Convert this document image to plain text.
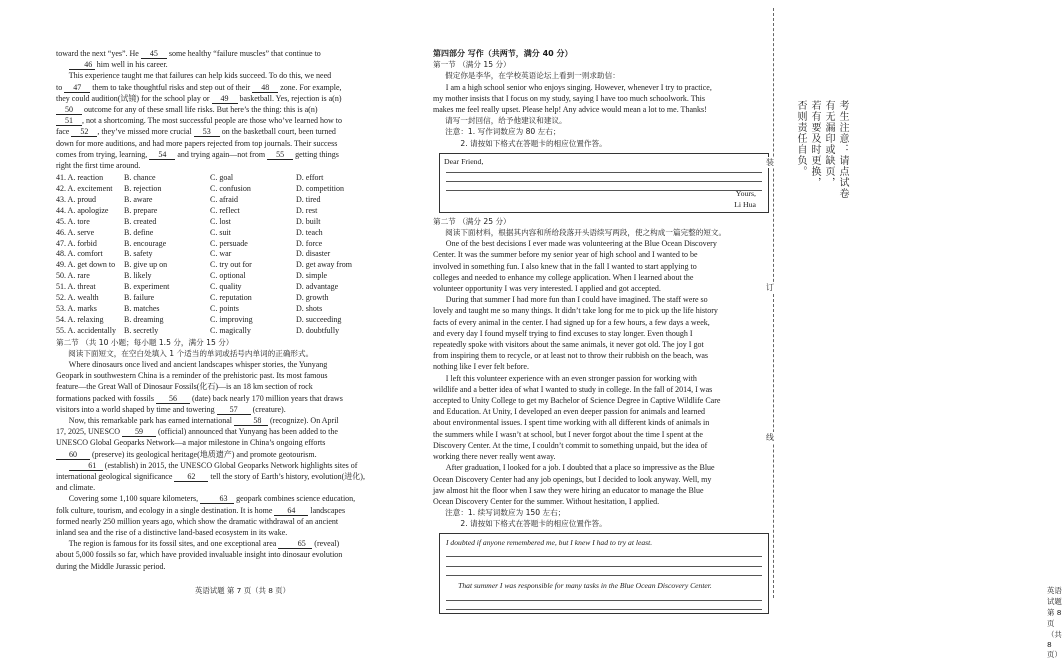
toward the next “yes”. He 45 some healthy “failure muscles” that continue to

46 him well in his career.

This experience taught me that failures can help kids succeed. To do this, we need

to 47 them to take thoughtful risks and step out of their 48 zone. For example,

they could audition(试镜) for the school play or 49 basketball. Yes, rejection is a(n)

50 outcome for any of these small life risks. But here’s the thing: this is a(n)

51 , not a shortcoming. The most successful people are those who’ve learned how to

face 52 , they’ve missed more crucial 53 on the basketball court, been turned

down for more auditions, and had more papers rejected from top journals. Their success

comes from trying, learning, 54 and trying again—not from 55 getting things

right the first time around.

41. A. reaction	B. chance	C. goal	D. effort
42. A. excitement	B. rejection	C. confusion	D. competition
43. A. proud	B. aware	C. afraid	D. tired
44. A. apologize	B. prepare	C. reflect	D. rest
45. A. tore	B. created	C. lost	D. built
46. A. serve	B. define	C. suit	D. teach
47. A. forbid	B. encourage	C. persuade	D. force
48. A. comfort	B. safety	C. war	D. disaster
49. A. get down to	B. give up on	C. try out for	D. get away from
50. A. rare	B. likely	C. optional	D. simple
51. A. threat	B. experiment	C. quality	D. advantage
52. A. wealth	B. failure	C. reputation	D. growth
53. A. marks	B. matches	C. points	D. shots
54. A. relaxing	B. dreaming	C. improving	D. succeeding
55. A. accidentally	B. secretly	C. magically	D. doubtfully

第二节 （共 10 小题；每小题 1.5 分，满分 15 分）

阅读下面短文，在空白处填入 1 个适当的单词或括号内单词的正确形式。

Where dinosaurs once lived and ancient landscapes whisper stories, the Yunyang

Geopark in southwestern China is a reminder of the prehistoric past. Its most famous

feature—the Great Wall of Dinosaur Fossils(化石)—is an 18 km section of rock

formations packed with fossils 56 (date) back nearly 170 million years that draws

visitors into a world shaped by time and towering 57 (creature).

Now, this remarkable park has earned international 58 (recognize). On April

17, 2025, UNESCO 59 (official) announced that Yunyang has been added to the

UNESCO Global Geoparks Network—a major milestone in China’s ongoing efforts

60 (preserve) its geological heritage(地质遗产) and promote geotourism.

61 (establish) in 2015, the UNESCO Global Geoparks Network highlights sites of

international geological significance 62 tell the story of Earth’s history, evolution(进化),

and climate.

Covering some 1,100 square kilometers, 63 geopark combines science education,

folk culture, tourism, and ecology in a single destination. It is home 64 landscapes

formed nearly 250 million years ago, which show the dramatic withdrawal of an ancient

inland sea and the rise of a distinctive land-based ecosystem in its wake.

The region is famous for its fossil sites, and one exceptional area 65 (reveal)

about 5,000 fossils so far, which have provided invaluable insight into dinosaur evolution

during the Middle Jurassic period.

英语试题 第 7 页（共 8 页）

第四部分 写作（共两节，满分 40 分）

第一节 （满分 15 分）

假定你是李华，在学校英语论坛上看到一则求助信：

I am a high school senior who enjoys singing. However, whenever I try to practice,

my mother insists that I focus on my study, saying I have too much schoolwork. This

makes me feel really upset. Please help! Any advice would mean a lot to me. Thanks!

请写一封回信，给予他建议和建议。

注意：1. 写作词数应为 80 左右；

2. 请按如下格式在答题卡的相应位置作答。

Dear Friend,
Yours,
Li Hua

第二节 （满分 25 分）

阅读下面材料，根据其内容和所给段落开头语续写两段，使之构成一篇完整的短文。

One of the best decisions I ever made was volunteering at the Blue Ocean Discovery

Center. It was the summer before my senior year of high school and I wanted to be

involved in something fun. I also knew that in the fall I wanted to start applying to

colleges and needed to enhance my college application. When I learned about the

volunteer opportunity I was very interested. I applied and got accepted.

During that summer I had more fun than I could have imagined. The staff were so

lovely and taught me so many things. It didn’t take long for me to pick up the life history

facts of every animal in the center. I had signed up for a few hours, a few days a week,

and every day I found myself trying to find excuses to stay longer. Even though I

repeatedly spoke with visitors about the same animals, it never got old. The joy I got

from inspiring them to recycle, or at least not to throw their rubbish on the beach, was

nothing like I ever felt before.

I left this volunteer experience with an even stronger passion for working with

wildlife and a better idea of what I wanted to study in college. In the fall of 2014, I was

accepted to Unity College to get my Bachelor of Science Degree in Captive Wildlife Care

and Education. At Unity, I developed an even deeper passion for animals and learned

about environmental issues. I spent time working with all different kinds of animals in

the summers while I wasn’t at school, but I never forgot about the time I spent at the

Discovery Center. At the time, I couldn’t commit to something unpaid, but the idea of

working there never really went away.

After graduation, I looked for a job. I doubted that a place so impressive as the Blue

Ocean Discovery Center had any job openings, but I decided to look anyway. Well, my

jaw almost hit the floor when I saw they were hiring an educator to manage the Blue

Ocean Discovery Center for the summer. Without hesitation, I applied.

注意：1. 续写词数应为 150 左右；

2. 请按如下格式在答题卡的相应位置作答。

I doubted if anyone remembered me, but I knew I had to try at least.
That summer I was responsible for many tasks in the Blue Ocean Discovery Center.
英语试题 第 8 页（共 8 页）
装
订
线
考生注意：请点试卷
有无漏印或缺页，
若有要及时更换，
否则责任自负。
